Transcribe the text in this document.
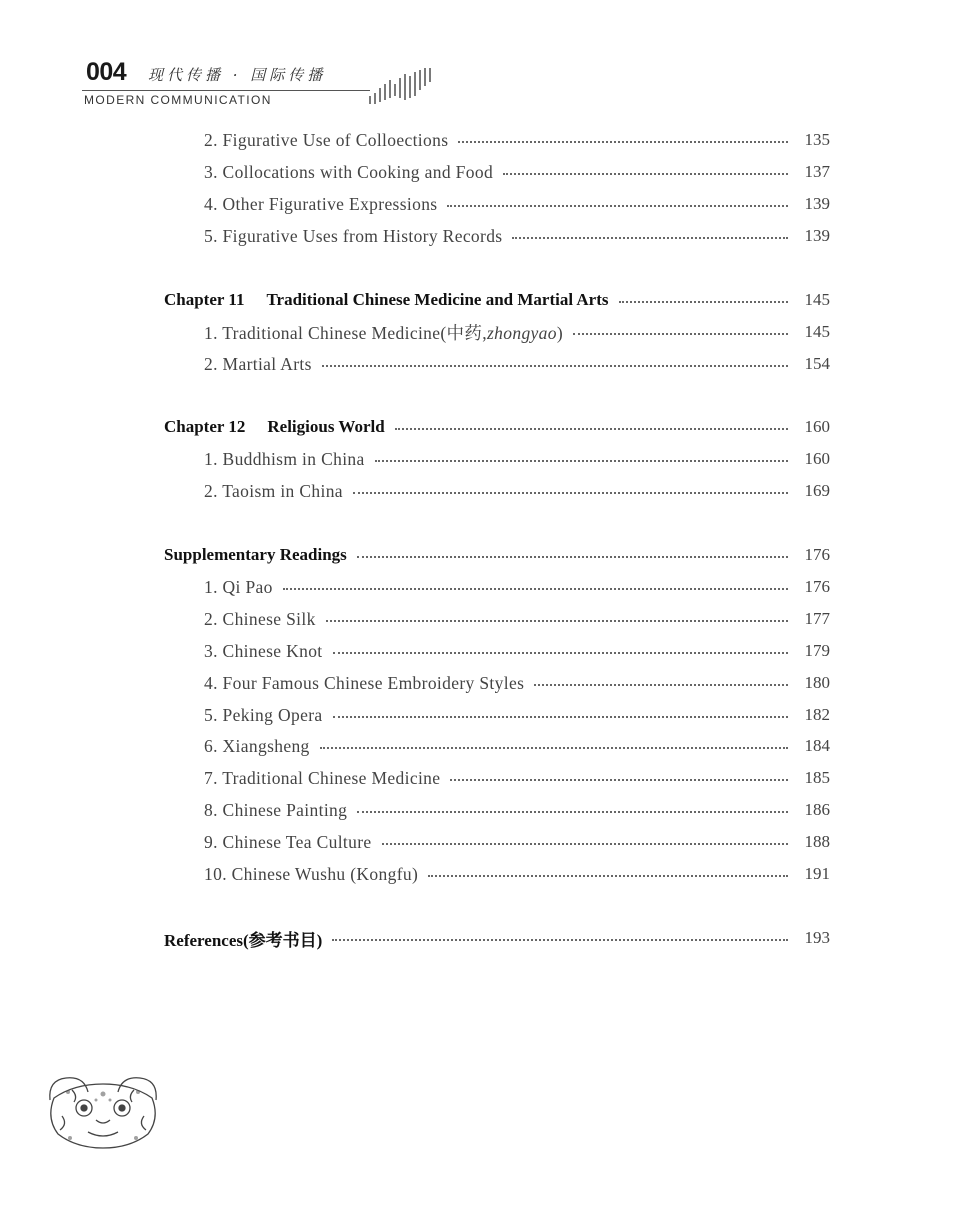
004 现代传播 · 国际传播
MODERN COMMUNICATION
2. Figurative Use of Colloections	135
3. Collocations with Cooking and Food	137
4. Other Figurative Expressions	139
5. Figurative Uses from History Records	139
Chapter 11 Traditional Chinese Medicine and Martial Arts	145
1. Traditional Chinese Medicine(中药,zhongyao)	145
2. Martial Arts	154
Chapter 12 Religious World	160
1. Buddhism in China	160
2. Taoism in China	169
Supplementary Readings	176
1. Qi Pao	176
2. Chinese Silk	177
3. Chinese Knot	179
4. Four Famous Chinese Embroidery Styles	180
5. Peking Opera	182
6. Xiangsheng	184
7. Traditional Chinese Medicine	185
8. Chinese Painting	186
9. Chinese Tea Culture	188
10. Chinese Wushu (Kongfu)	191
References(参考书目)	193
